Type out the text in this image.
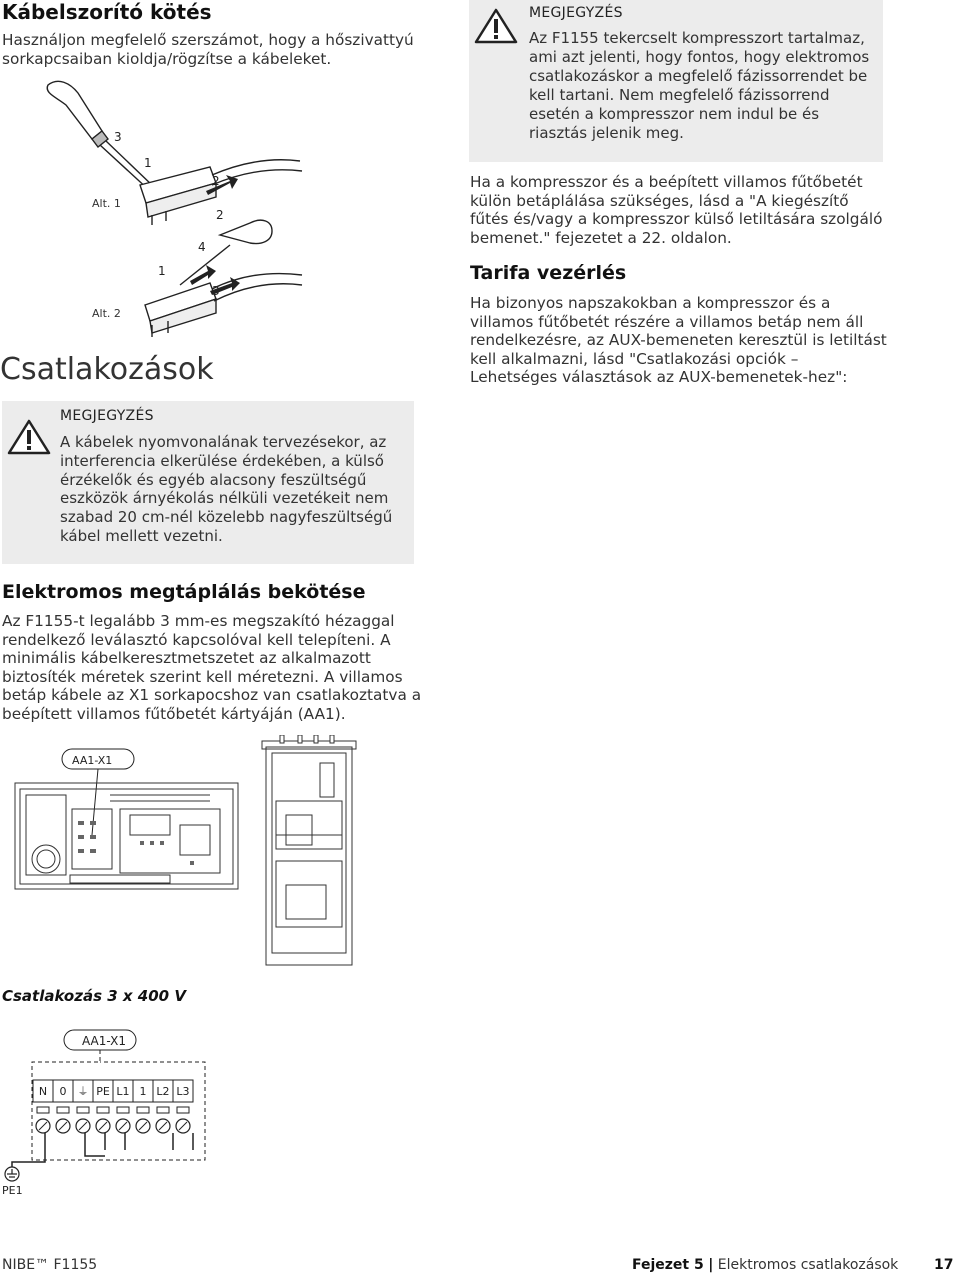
Kábelszorító kötés

Használjon megfelelő szerszámot, hogy a hőszivattyú sorkapcsaiban kioldja/rögzítse a kábeleket.

Alt. 1
Alt. 2
3
1
2
2
4
1
3
Csatlakozások
MEGJEGYZÉS

A kábelek nyomvonalának tervezésekor, az interferencia elkerülése érdekében, a külső érzékelők és egyéb alacsony feszültségű eszközök árnyékolás nélküli vezetékeit nem szabad 20 cm-nél közelebb nagyfeszültségű kábel mellett vezetni.

Elektromos megtáplálás bekötése

Az F1155-t legalább 3 mm-es megszakító hézaggal rendelkező leválasztó kapcsolóval kell telepíteni. A minimális kábelkeresztmetszetet az alkalmazott biztosíték méretek szerint kell méretezni. A villamos betáp kábele az X1 sorkapocshoz van csatlakoztatva a beépített villamos fűtőbetét kártyáján (AA1).

AA1-X1
MEGJEGYZÉS

Az F1155 tekercselt kompresszort tartalmaz, ami azt jelenti, hogy fontos, hogy elektromos csatlakozáskor a megfelelő fázissorrendet be kell tartani. Nem megfelelő fázissorrend esetén a kompresszor nem indul be és riasztás jelenik meg.

Ha a kompresszor és a beépített villamos fűtőbetét külön betáplálása szükséges, lásd a "A kiegészítő fűtés és/vagy a kompresszor külső letiltására szolgáló bemenet." fejezetet a 22. oldalon.

Tarifa vezérlés

Ha bizonyos napszakokban a kompresszor és a villamos fűtőbetét részére a villamos betáp nem áll rendelkezésre, az AUX-bemeneten keresztül is letiltást kell alkalmazni, lásd "Csatlakozási opciók – Lehetséges választások az AUX-bemenetek-hez":

Csatlakozás 3 x 400 V
AA1-X1
N 0 ⏚ PE L1 1 L2 L3
PE1
NIBE™ F1155	Fejezet 5 | Elektromos csatlakozások	17
